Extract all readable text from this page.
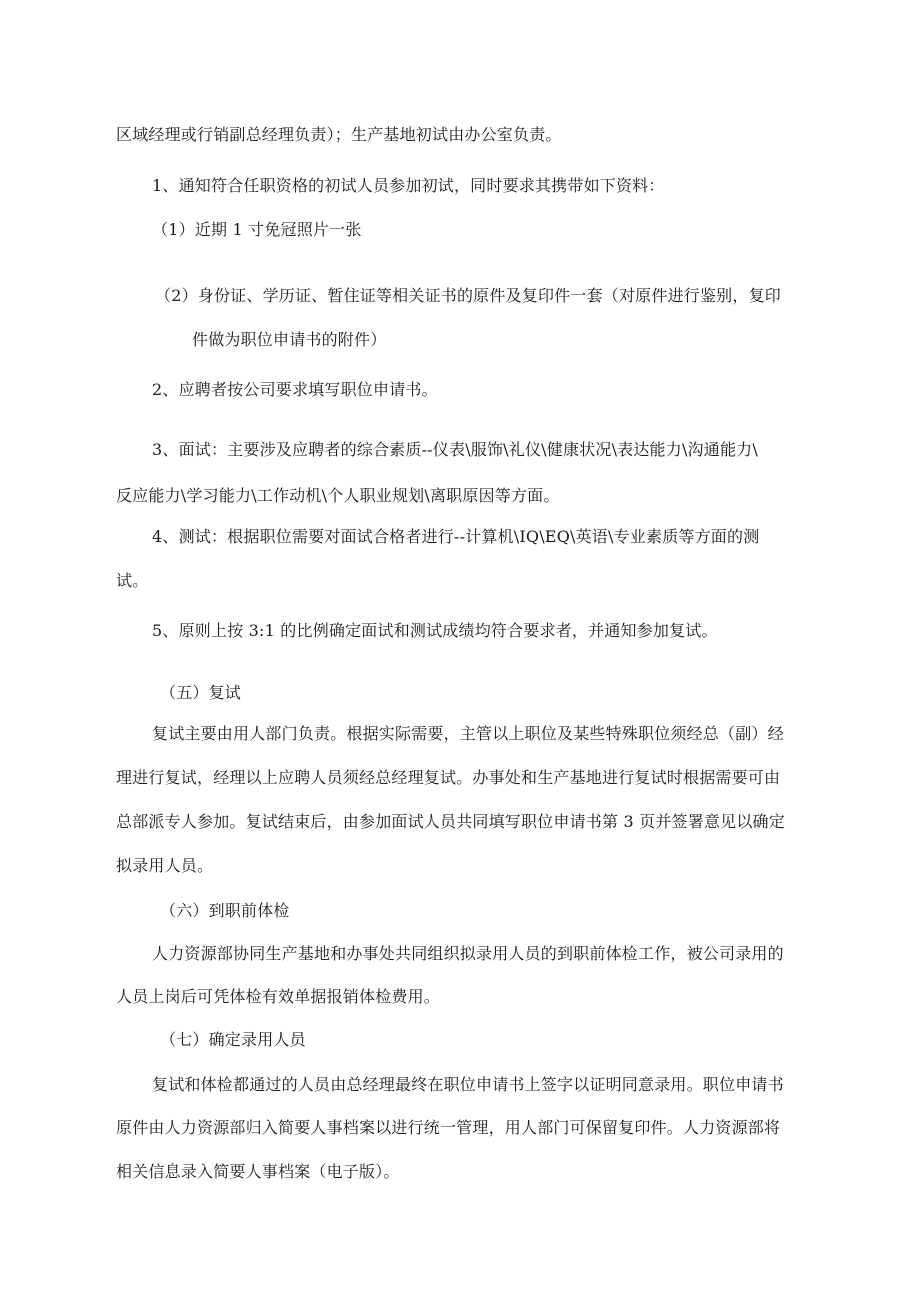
区域经理或行销副总经理负责）；生产基地初试由办公室负责。
1、通知符合任职资格的初试人员参加初试，同时要求其携带如下资料：
（1）近期 1 寸免冠照片一张
（2）身份证、学历证、暂住证等相关证书的原件及复印件一套（对原件进行鉴别，复印
件做为职位申请书的附件）
2、应聘者按公司要求填写职位申请书。
3、面试：主要涉及应聘者的综合素质--仪表\服饰\礼仪\健康状况\表达能力\沟通能力\
反应能力\学习能力\工作动机\个人职业规划\离职原因等方面。
4、测试：根据职位需要对面试合格者进行--计算机\IQ\EQ\英语\专业素质等方面的测
试。
5、原则上按 3:1 的比例确定面试和测试成绩均符合要求者，并通知参加复试。
（五）复试
复试主要由用人部门负责。根据实际需要，主管以上职位及某些特殊职位须经总（副）经
理进行复试，经理以上应聘人员须经总经理复试。办事处和生产基地进行复试时根据需要可由
总部派专人参加。复试结束后，由参加面试人员共同填写职位申请书第 3 页并签署意见以确定
拟录用人员。
（六）到职前体检
人力资源部协同生产基地和办事处共同组织拟录用人员的到职前体检工作，被公司录用的
人员上岗后可凭体检有效单据报销体检费用。
（七）确定录用人员
复试和体检都通过的人员由总经理最终在职位申请书上签字以证明同意录用。职位申请书
原件由人力资源部归入简要人事档案以进行统一管理，用人部门可保留复印件。人力资源部将
相关信息录入简要人事档案（电子版）。
